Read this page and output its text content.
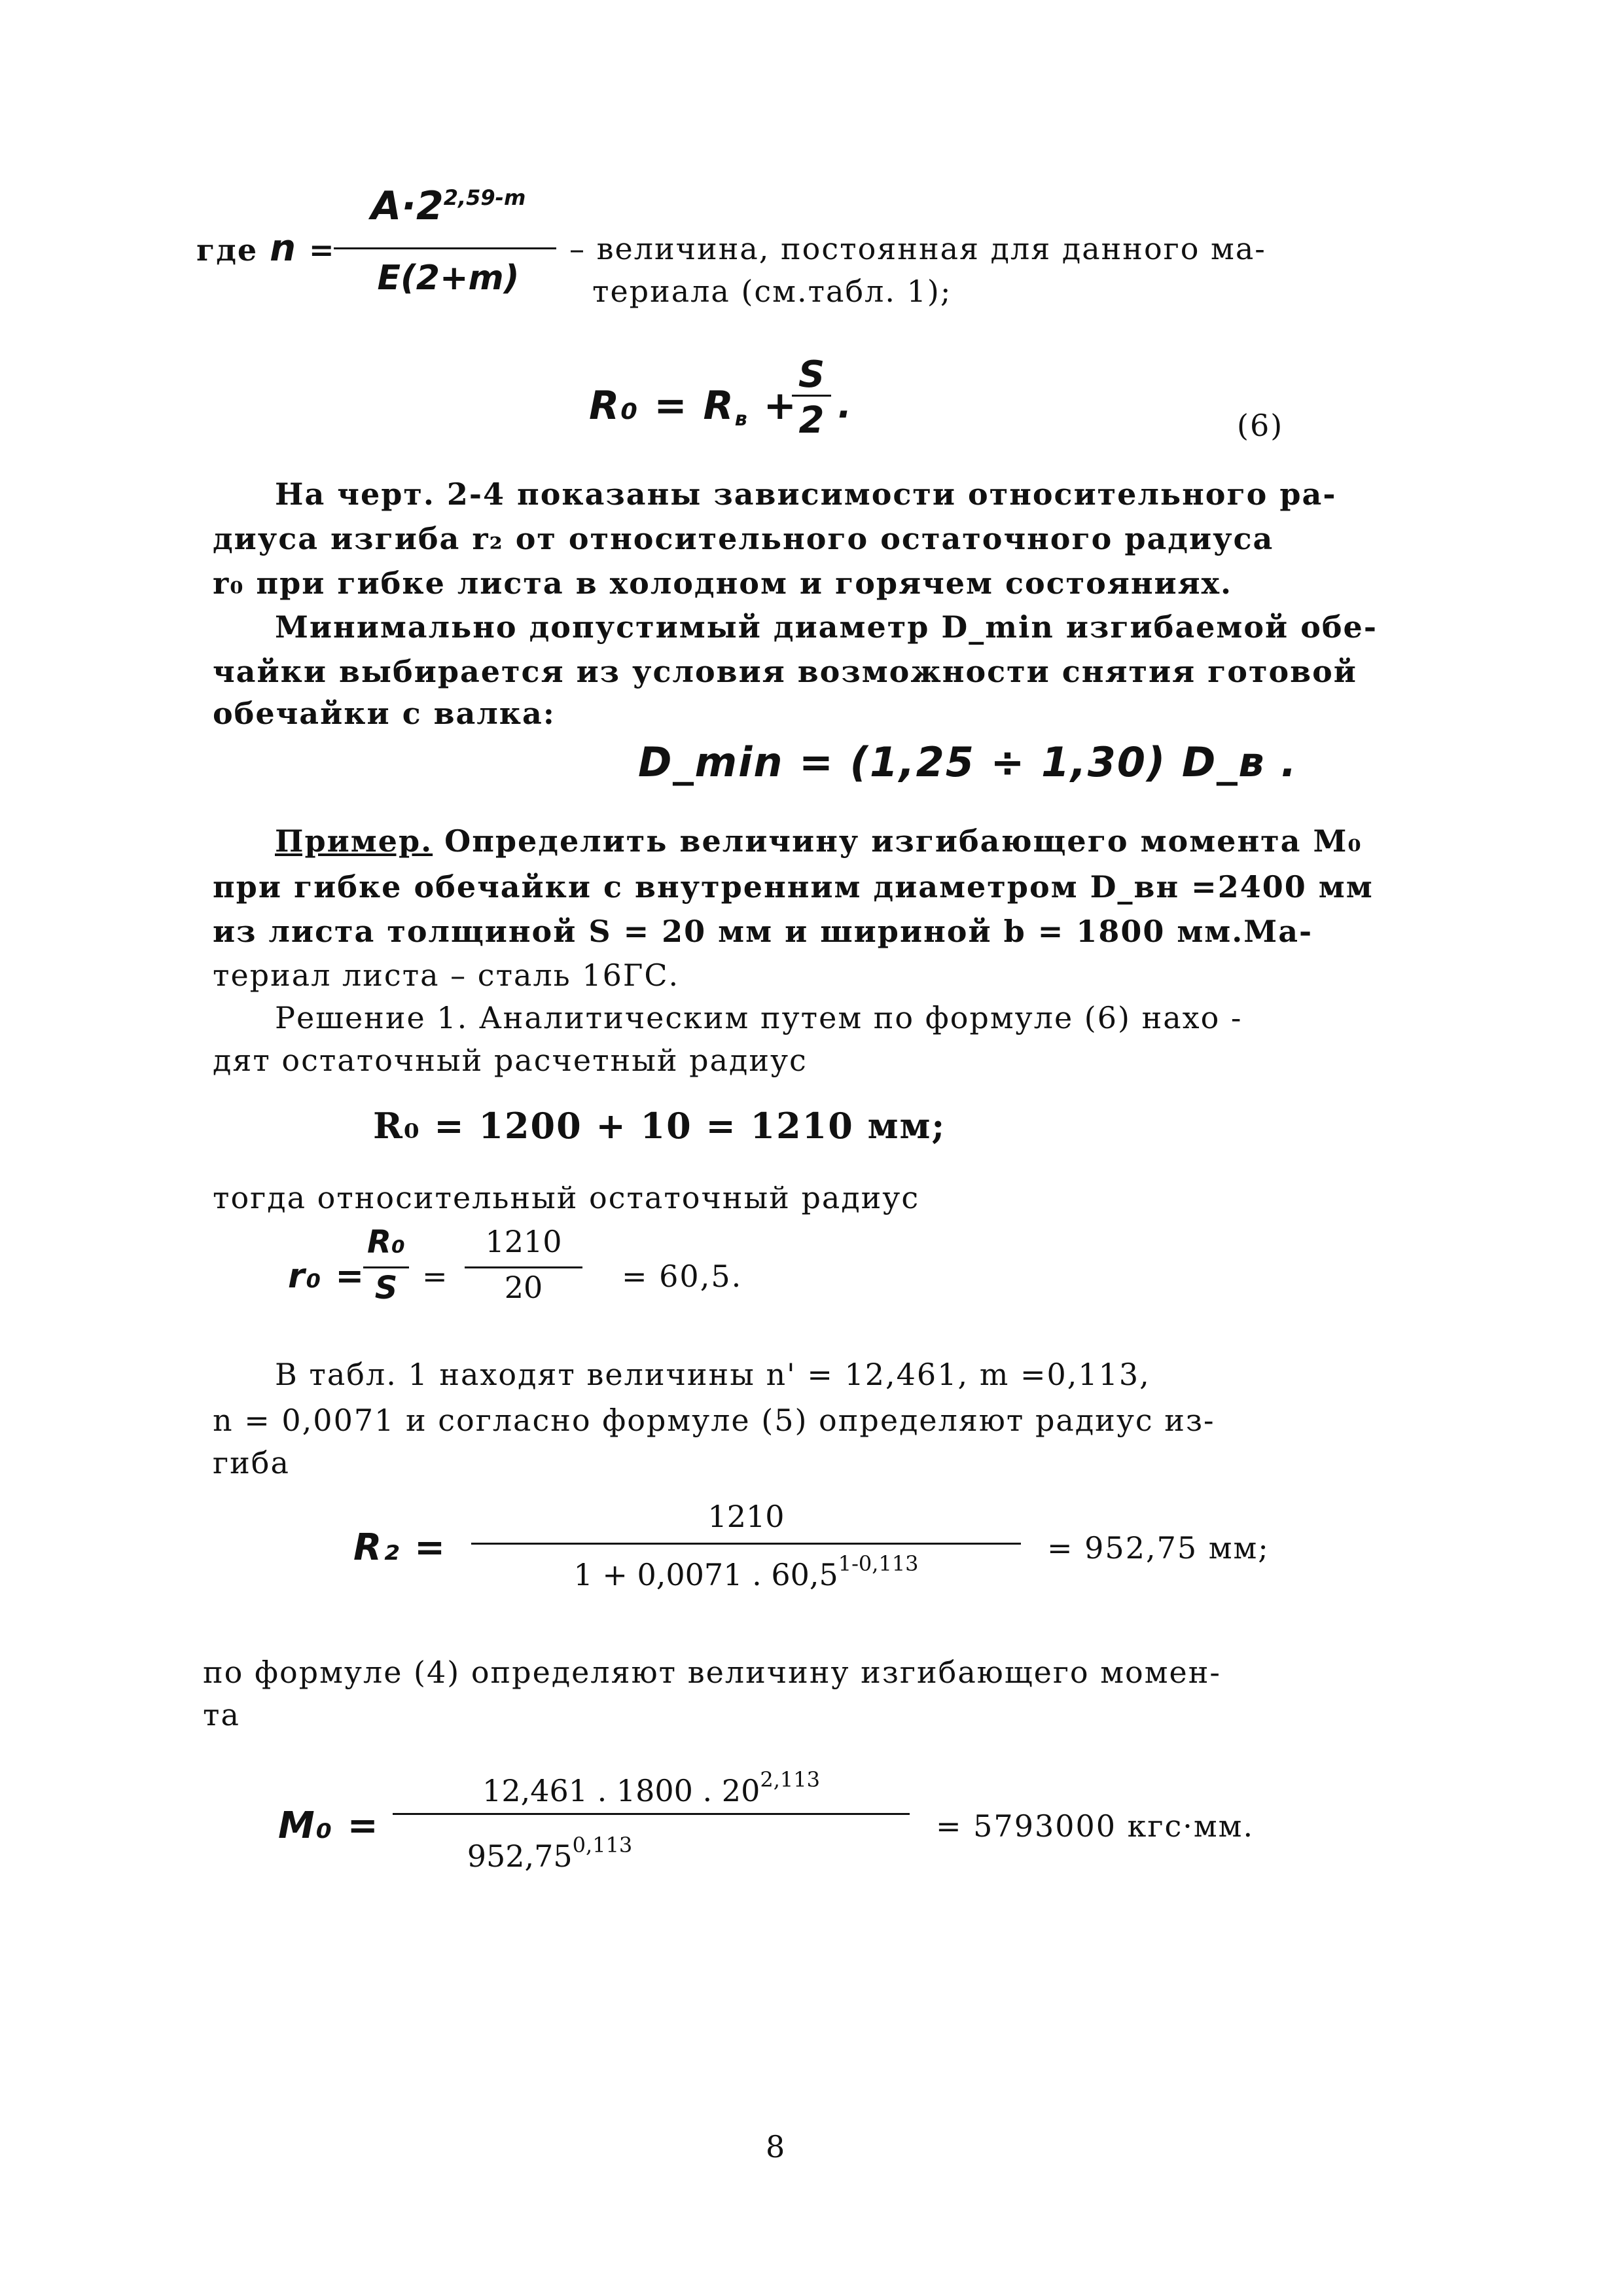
где n =
$A\cdot 2^{2,59-m}$
E(2+m)
– величина, постоянная для данного ма-
териала (см.табл. 1);
$R_0 = R_в$ +
S
2 .	(6)
На черт. 2-4 показаны зависимости относительного ра-
диуса изгиба r₂ от относительного остаточного радиуса
r₀ при гибке листа в холодном и горячем состояниях.
Минимально допустимый диаметр D_min изгибаемой обе-
чайки выбирается из условия возможности снятия готовой
обечайки с валка:
D_min = (1,25 ÷ 1,30) D_в .
Пример. Определить величину изгибающего момента M₀
при гибке обечайки с внутренним диаметром D_вн =2400 мм
из листа толщиной S = 20 мм и шириной b = 1800 мм.Ма-
териал листа – сталь 16ГС.
Решение 1. Аналитическим путем по формуле (6) нахо -
дят остаточный расчетный радиус
R₀ = 1200 + 10 = 1210 мм;
тогда относительный остаточный радиус
r₀ =
R₀
S =
1210
20	= 60,5.
В табл. 1 находят величины n' = 12,461, m =0,113,
n = 0,0071 и согласно формуле (5) определяют радиус из-
гиба
R₂ =
1210
1 + 0,0071 . $60,5^{1-0,113}$	= 952,75 мм;
по формуле (4) определяют величину изгибающего момен-
та
M₀ =
12,461 . 1800 . 20$^{2,113}$
$952,75^{0,113}$
= 5793000 кгс·мм.
8
